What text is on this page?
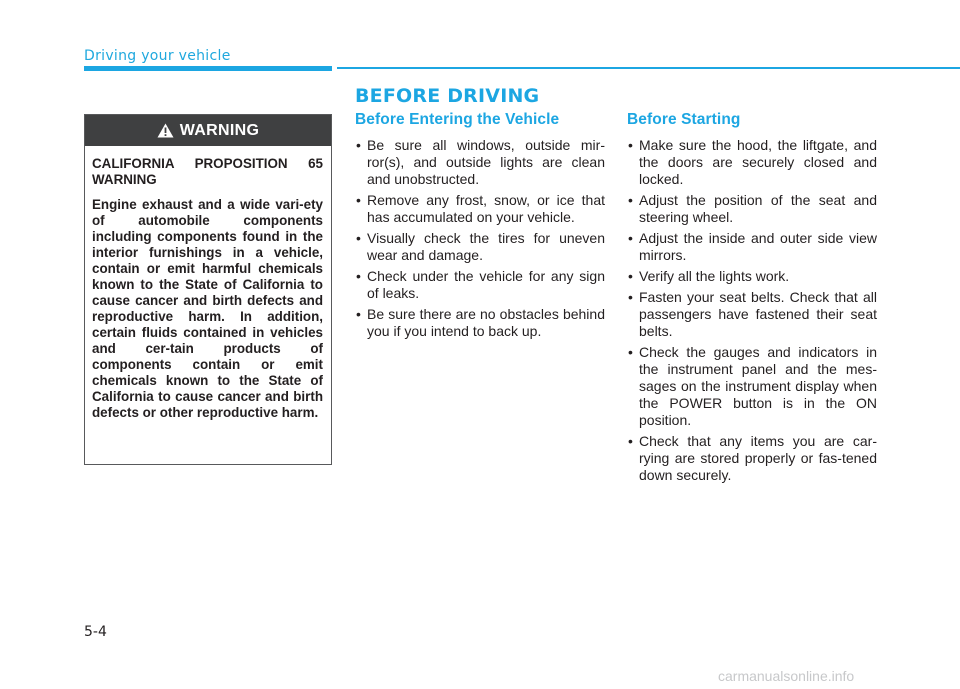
Driving your vehicle
BEFORE DRIVING
WARNING

CALIFORNIA PROPOSITION 65 WARNING

Engine exhaust and a wide vari-ety of automobile components including components found in the interior furnishings in a vehicle, contain or emit harmful chemicals known to the State of California to cause cancer and birth defects and reproductive harm. In addition, certain fluids contained in vehicles and cer-tain products of components contain or emit chemicals known to the State of California to cause cancer and birth defects or other reproductive harm.

Before Entering the Vehicle
• Be sure all windows, outside mir-ror(s), and outside lights are clean and unobstructed.
• Remove any frost, snow, or ice that has accumulated on your vehicle.
• Visually check the tires for uneven wear and damage.
• Check under the vehicle for any sign of leaks.
• Be sure there are no obstacles behind you if you intend to back up.
Before Starting
• Make sure the hood, the liftgate, and the doors are securely closed and locked.
• Adjust the position of the seat and steering wheel.
• Adjust the inside and outer side view mirrors.
• Verify all the lights work.
• Fasten your seat belts. Check that all passengers have fastened their seat belts.
• Check the gauges and indicators in the instrument panel and the mes-sages on the instrument display when the POWER button is in the ON position.
• Check that any items you are car-rying are stored properly or fas-tened down securely.
5-4
carmanualsonline.info
